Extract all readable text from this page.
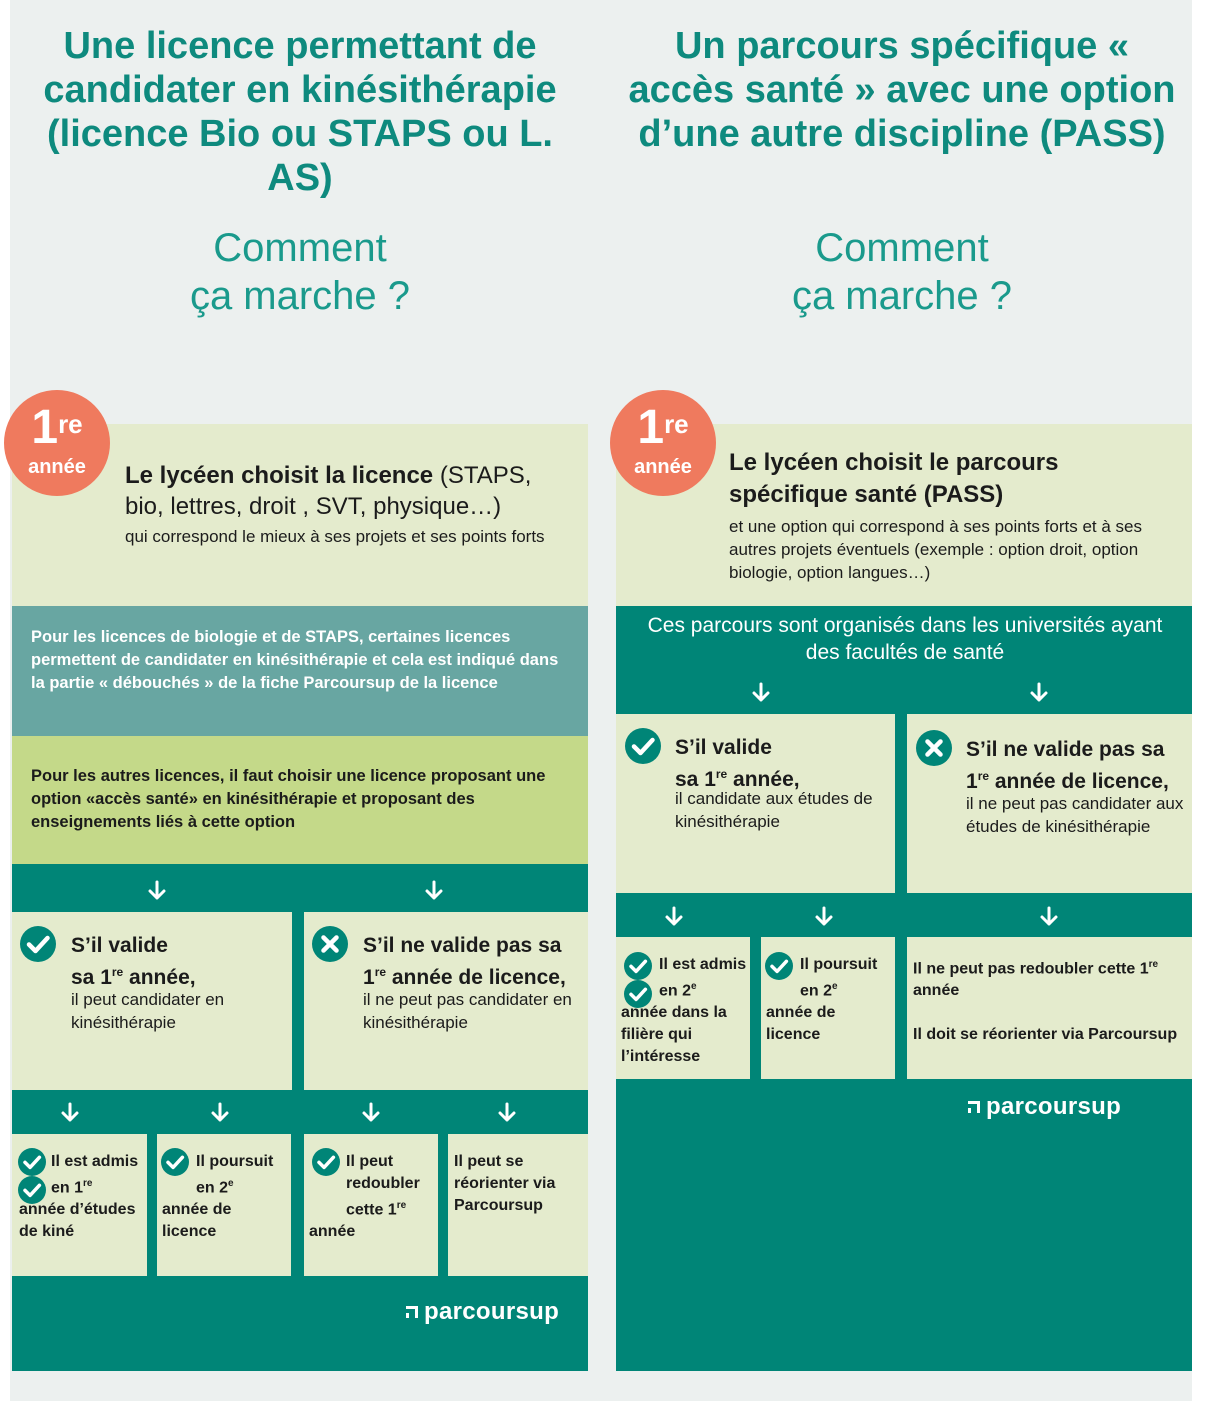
Une licence permettant de candidater en kinésithérapie (licence Bio ou STAPS ou L. AS)
Comment
ça marche ?
1re
année	Le lycéen choisit la licence (STAPS, bio, lettres, droit , SVT, physique…)
qui correspond le mieux à ses projets et ses points forts
Pour les licences de biologie et de STAPS, certaines licences permettent de candidater en kinésithérapie et cela est indiqué dans la partie « débouchés » de la fiche Parcoursup de la licence
Pour les autres licences, il faut choisir une licence proposant une option «accès santé» en kinésithérapie et proposant des enseignements liés à cette option
S’il valide
sa 1re année,
il peut candidater en kinésithérapie
S’il ne valide pas sa
1re année de licence,
il ne peut pas candidater en kinésithérapie
Il est admis en 1re
année d’études de kiné
Il poursuit en 2e
année de licence
Il peut redoubler cette 1re
année
Il peut se réorienter via Parcoursup
parcoursup
Un parcours spécifique « accès santé » avec une option d’une autre discipline (PASS)
Comment
ça marche ?
1re
année	Le lycéen choisit le parcours spécifique santé (PASS)
et une option qui correspond à ses points forts et à ses autres projets éventuels (exemple : option droit, option biologie, option langues…)
Ces parcours sont organisés dans les universités ayant des facultés de santé
S’il valide
sa 1re année,
il candidate aux études de kinésithérapie
S’il ne valide pas sa
1re année de licence,
il ne peut pas candidater aux études de kinésithérapie
Il est admis en 2e
année dans la filière qui l’intéresse
Il poursuit en 2e
année de licence
Il ne peut pas redoubler cette 1re année
Il doit se réorienter via Parcoursup
parcoursup
